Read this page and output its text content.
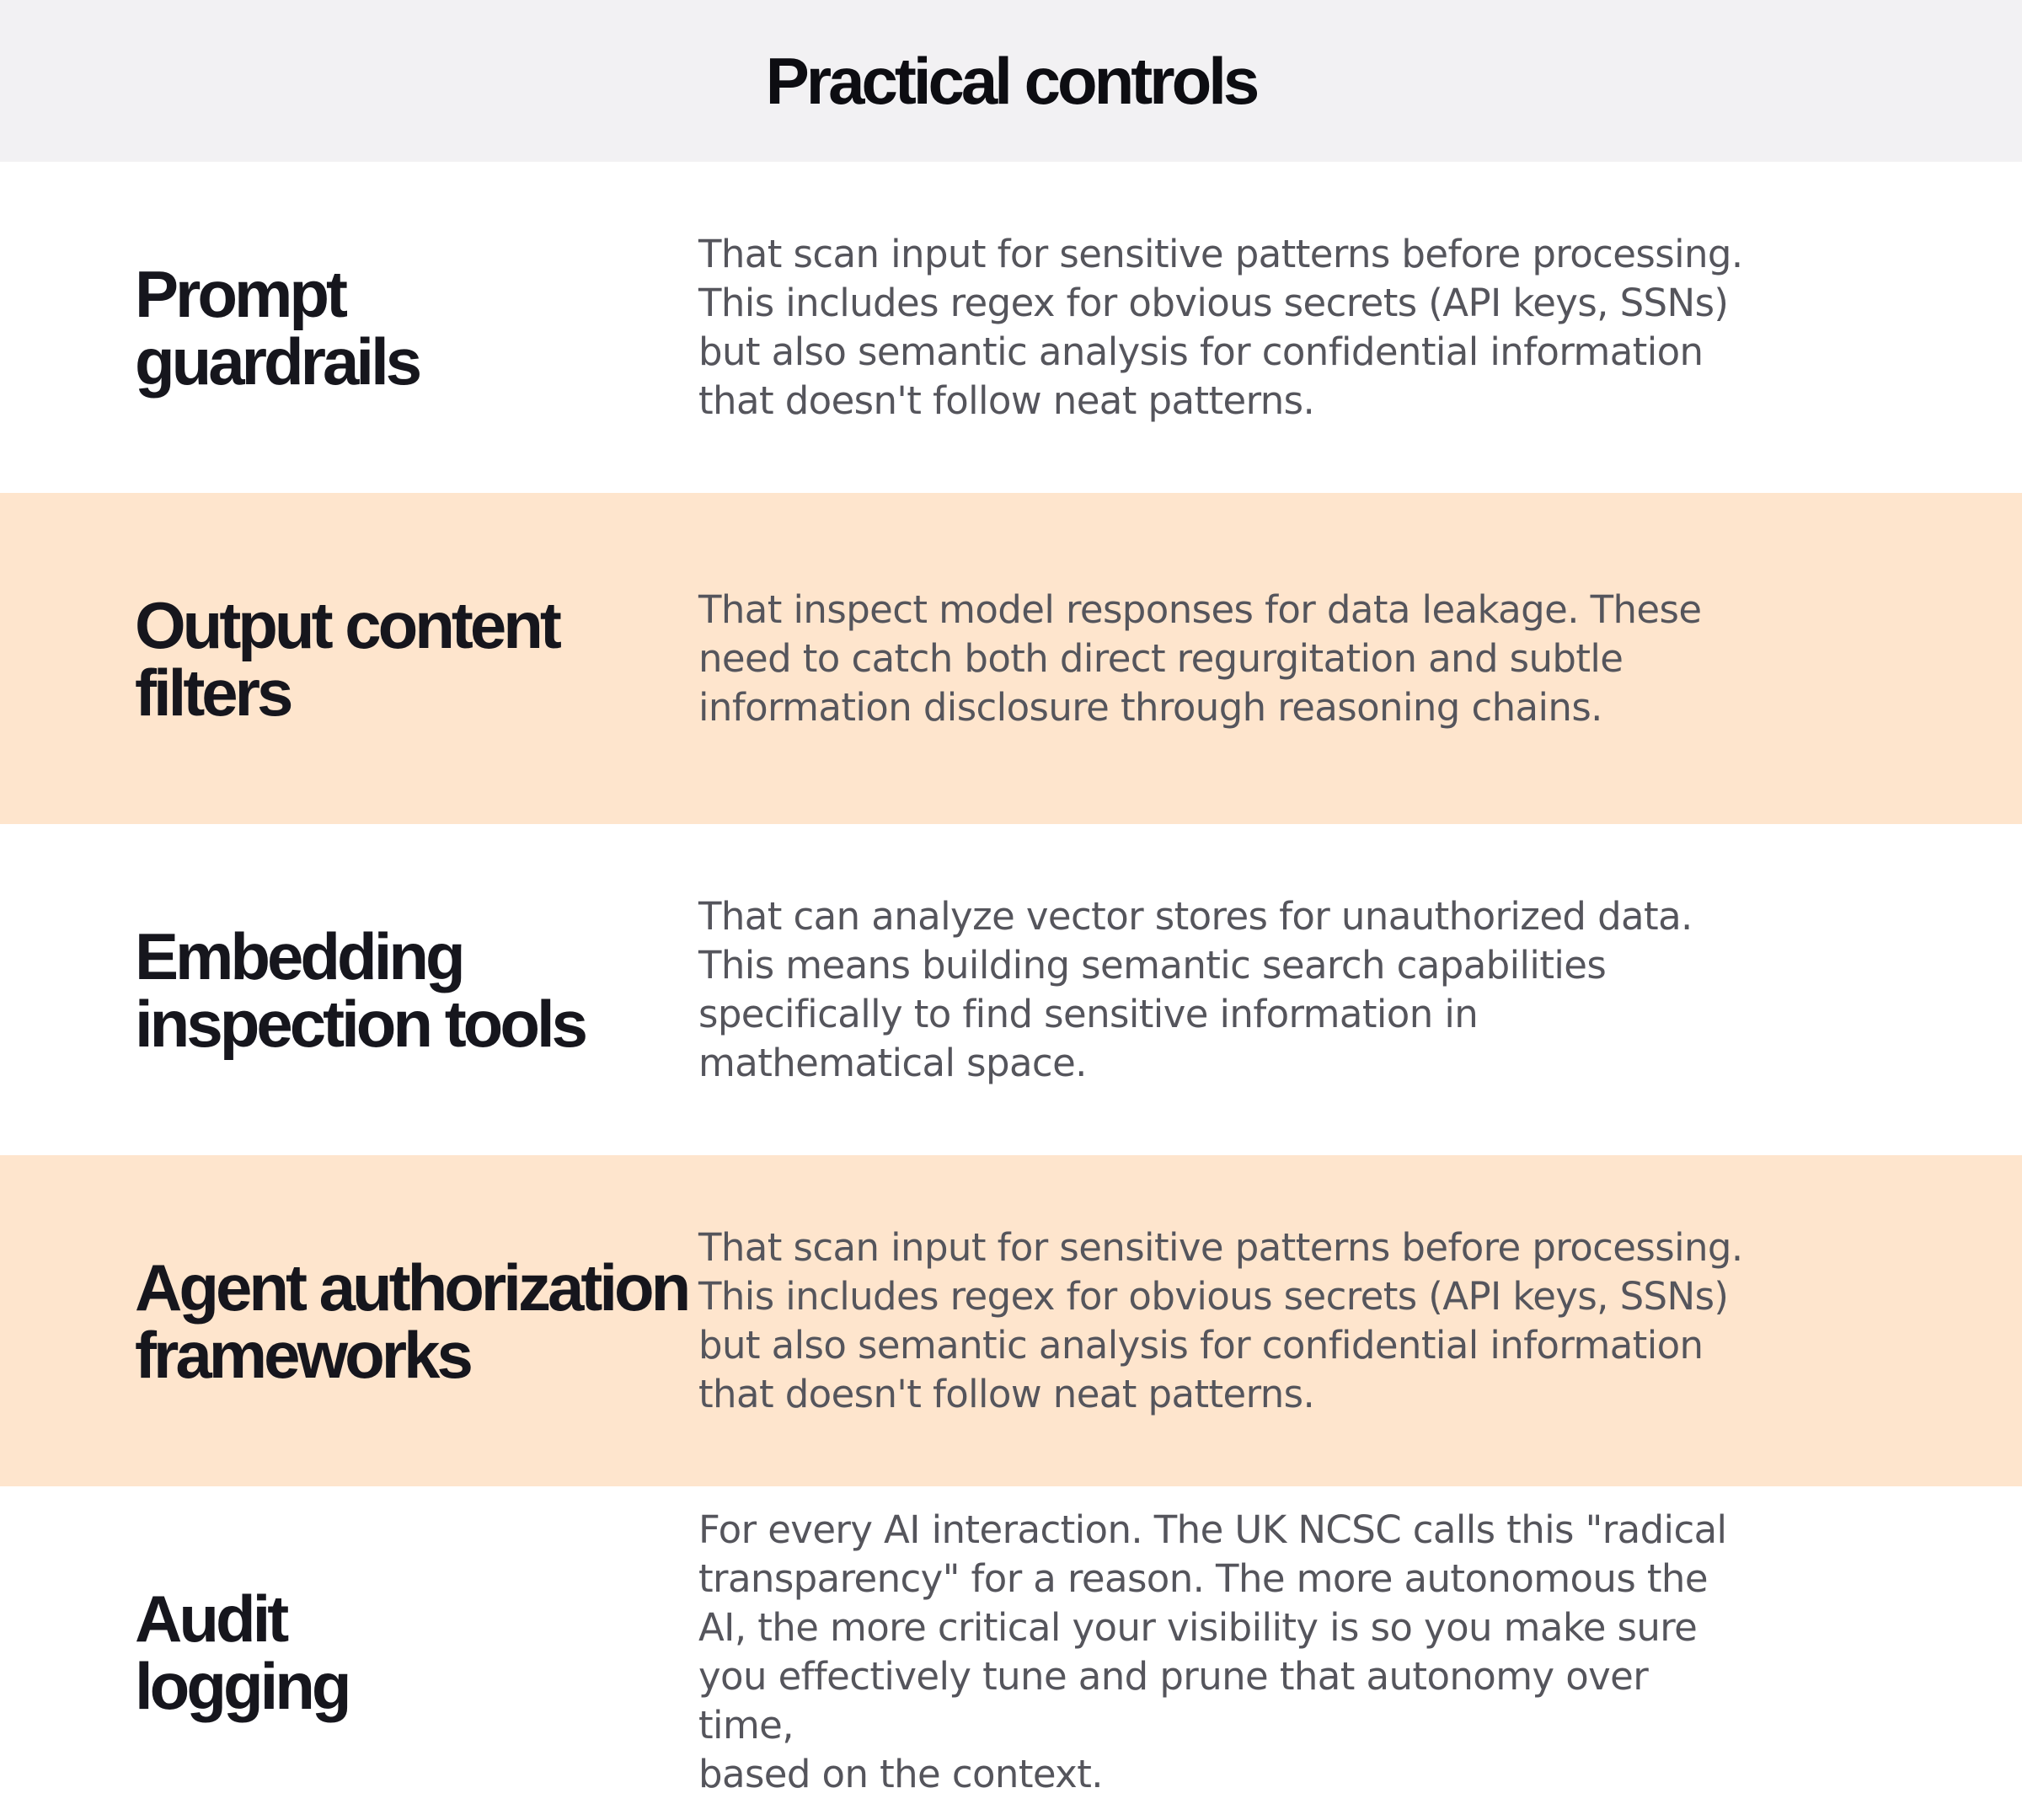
Practical controls
Prompt
guardrails
That scan input for sensitive patterns before processing.
This includes regex for obvious secrets (API keys, SSNs)
but also semantic analysis for confidential information
that doesn't follow neat patterns.
Output content
filters
That inspect model responses for data leakage. These
need to catch both direct regurgitation and subtle
information disclosure through reasoning chains.
Embedding
inspection tools
That can analyze vector stores for unauthorized data.
This means building semantic search capabilities
specifically to find sensitive information in
mathematical space.
Agent authorization
frameworks
That scan input for sensitive patterns before processing.
This includes regex for obvious secrets (API keys, SSNs)
but also semantic analysis for confidential information
that doesn't follow neat patterns.
Audit
logging
For every AI interaction. The UK NCSC calls this "radical
transparency" for a reason. The more autonomous the
AI, the more critical your visibility is so you make sure
you effectively tune and prune that autonomy over time,
based on the context.
